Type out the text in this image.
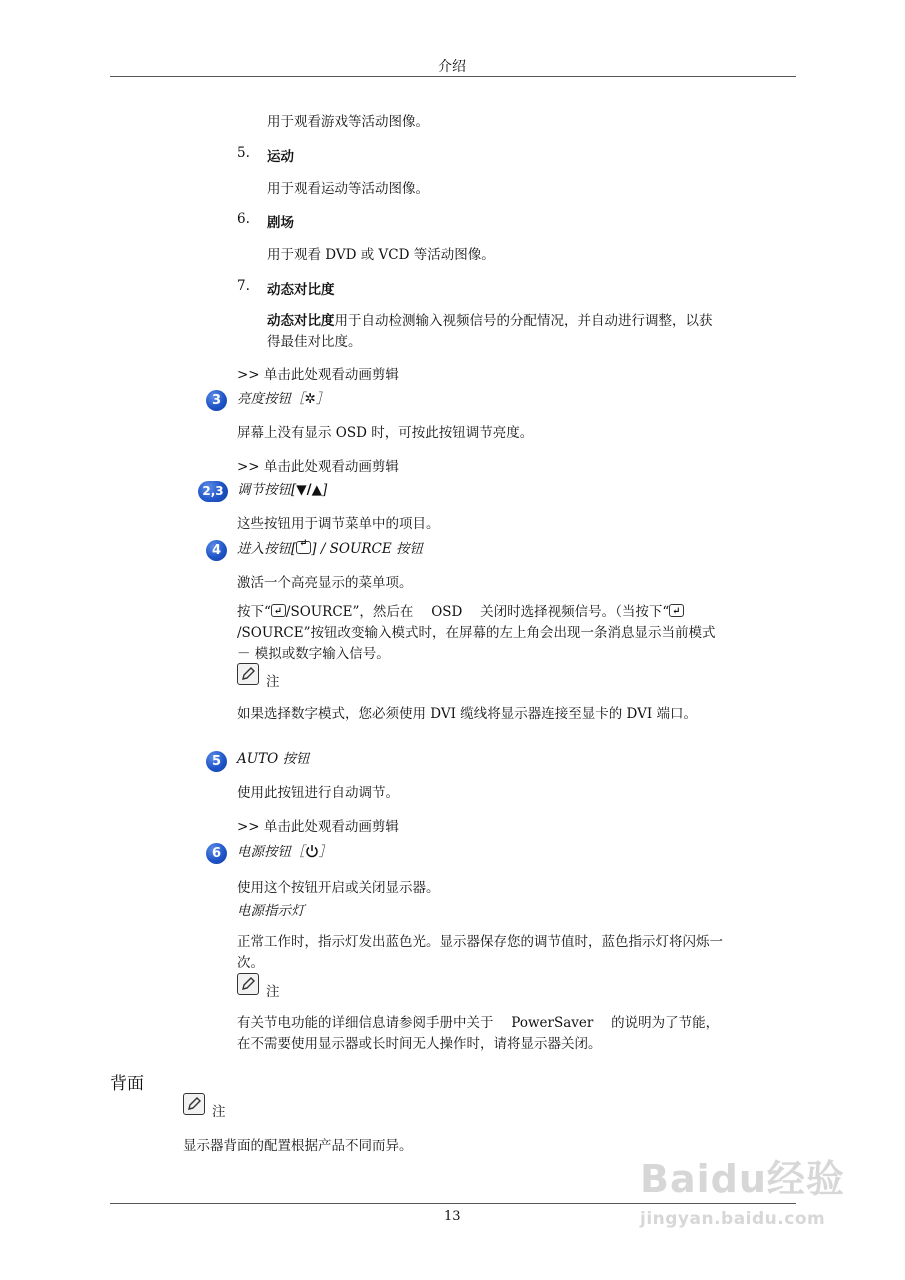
介绍
用于观看游戏等活动图像。
5. 运动
用于观看运动等活动图像。
6. 剧场
用于观看 DVD 或 VCD 等活动图像。
7. 动态对比度
动态对比度用于自动检测输入视频信号的分配情况，并自动进行调整，以获得最佳对比度。
>> 单击此处观看动画剪辑
3	亮度按钮［✲］
屏幕上没有显示 OSD 时，可按此按钮调节亮度。
>> 单击此处观看动画剪辑
2,3 调节按钮[▼/▲]
这些按钮用于调节菜单中的项目。
4	进入按钮[ ↵ ] / SOURCE 按钮
激活一个高亮显示的菜单项。
按下“ ↵ /SOURCE”，然后在　 OSD　 关闭时选择视频信号。（当按下“ ↵
/SOURCE”按钮改变输入模式时，在屏幕的左上角会出现一条消息显示当前模式 － 模拟或数字输入信号。
注
如果选择数字模式，您必须使用 DVI 缆线将显示器连接至显卡的 DVI 端口。
5	AUTO 按钮
使用此按钮进行自动调节。
>> 单击此处观看动画剪辑
6	电源按钮［ ］
使用这个按钮开启或关闭显示器。
电源指示灯
正常工作时，指示灯发出蓝色光。显示器保存您的调节值时，蓝色指示灯将闪烁一次。
注
有关节电功能的详细信息请参阅手册中关于　 PowerSaver　 的说明为了节能，在不需要使用显示器或长时间无人操作时，请将显示器关闭。
背面
注
显示器背面的配置根据产品不同而异。
13
Baidu经验
jingyan.baidu.com
